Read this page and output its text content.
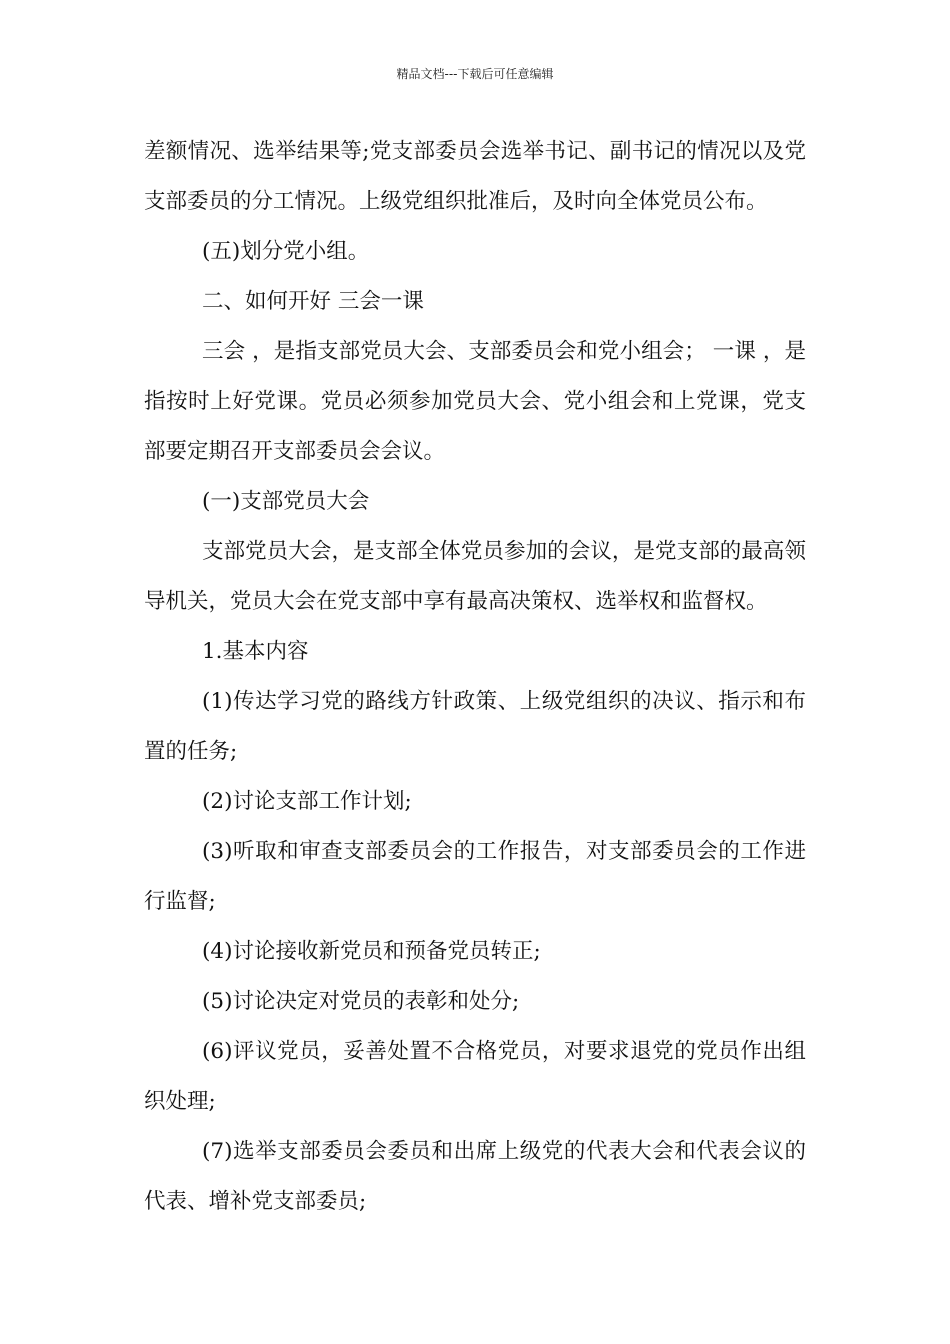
精品文档---下载后可任意编辑

差额情况、选举结果等;党支部委员会选举书记、副书记的情况以及党支部委员的分工情况。上级党组织批准后，及时向全体党员公布。

(五)划分党小组。

二、如何开好 三会一课

三会 ，是指支部党员大会、支部委员会和党小组会； 一课 ，是指按时上好党课。党员必须参加党员大会、党小组会和上党课，党支部要定期召开支部委员会会议。

(一)支部党员大会

支部党员大会，是支部全体党员参加的会议，是党支部的最高领导机关，党员大会在党支部中享有最高决策权、选举权和监督权。

1.基本内容

(1)传达学习党的路线方针政策、上级党组织的决议、指示和布置的任务;

(2)讨论支部工作计划;

(3)听取和审查支部委员会的工作报告，对支部委员会的工作进行监督;

(4)讨论接收新党员和预备党员转正;

(5)讨论决定对党员的表彰和处分;

(6)评议党员，妥善处置不合格党员，对要求退党的党员作出组织处理;

(7)选举支部委员会委员和出席上级党的代表大会和代表会议的代表、增补党支部委员;
